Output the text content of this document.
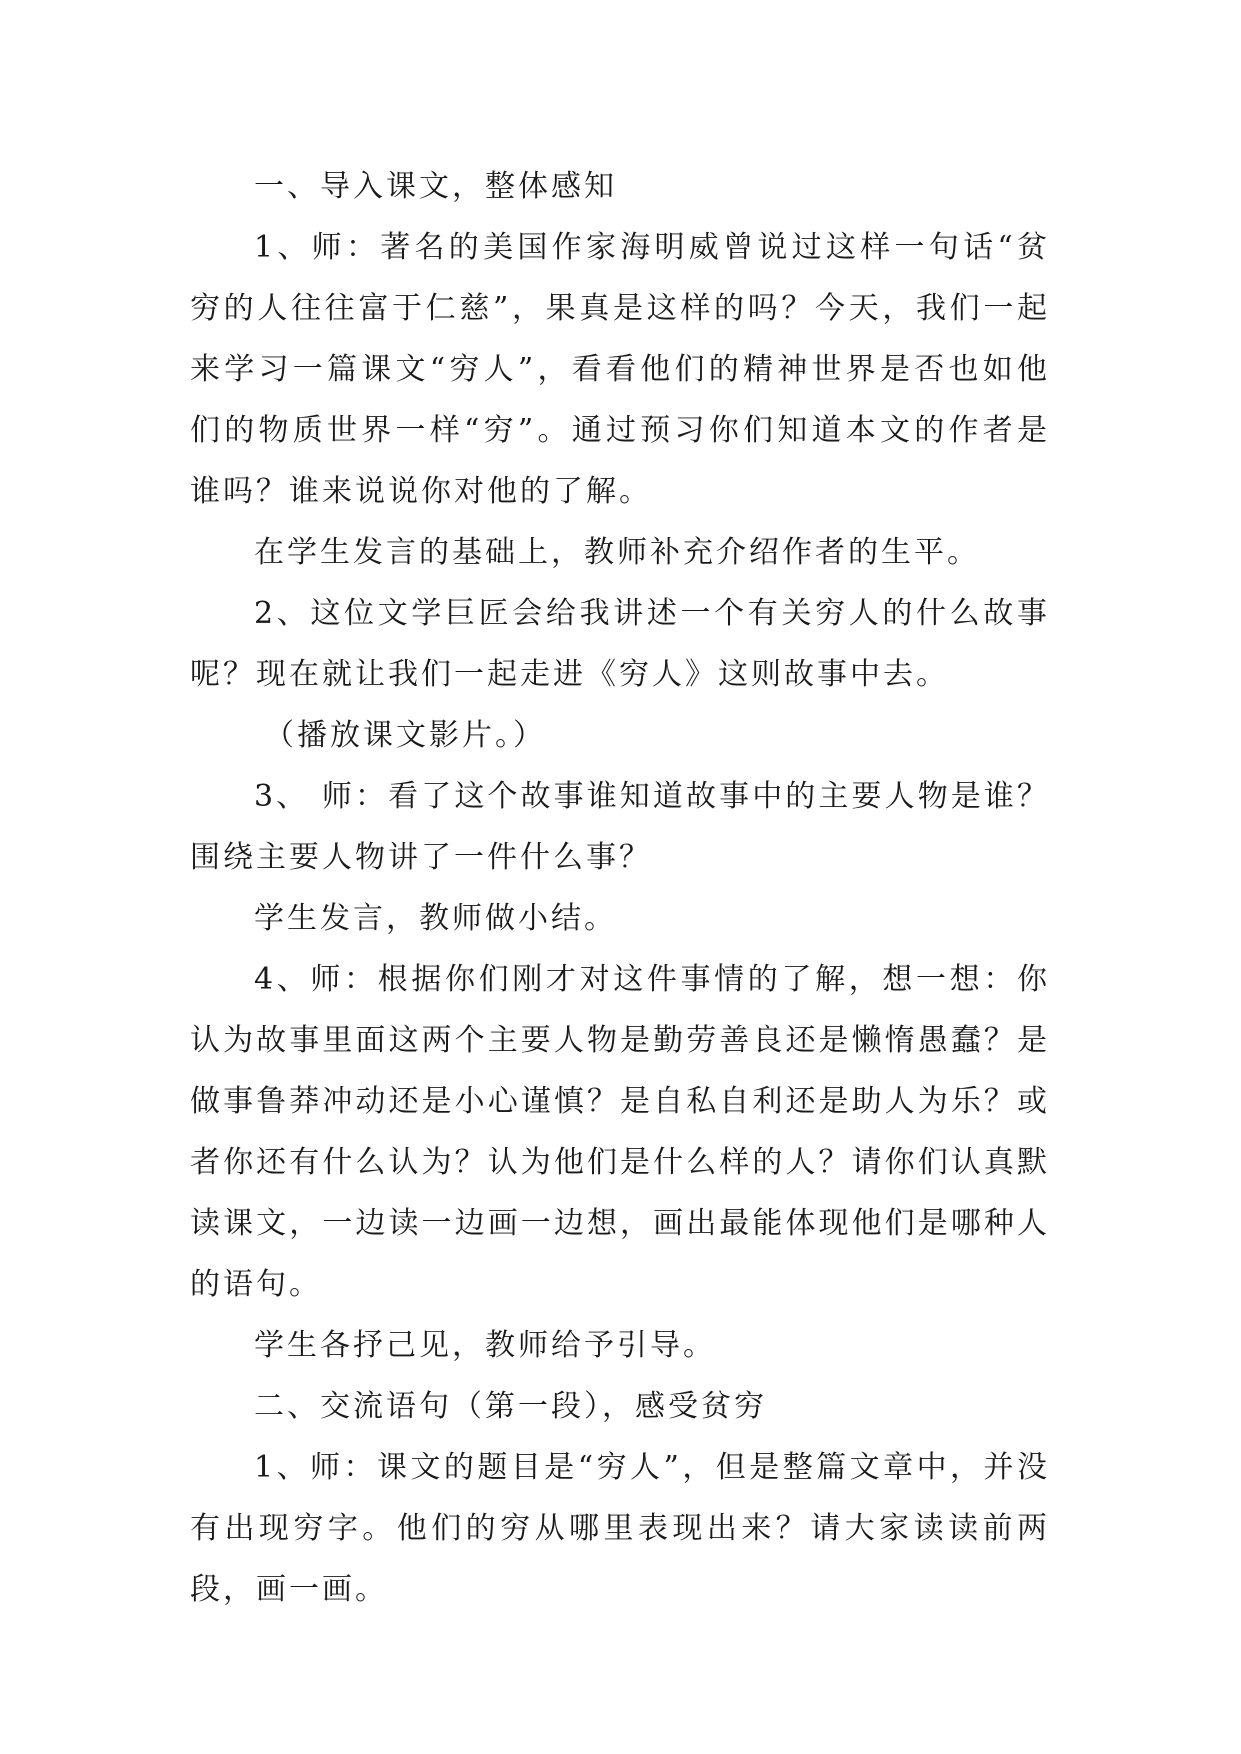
一、导入课文，整体感知

1、师：著名的美国作家海明威曾说过这样一句话“贫穷的人往往富于仁慈”，果真是这样的吗？今天，我们一起来学习一篇课文“穷人”，看看他们的精神世界是否也如他们的物质世界一样“穷”。通过预习你们知道本文的作者是谁吗？谁来说说你对他的了解。

在学生发言的基础上，教师补充介绍作者的生平。

2、这位文学巨匠会给我讲述一个有关穷人的什么故事呢？现在就让我们一起走进《穷人》这则故事中去。

（播放课文影片。）

3、 师：看了这个故事谁知道故事中的主要人物是谁？围绕主要人物讲了一件什么事？

学生发言，教师做小结。

4、师：根据你们刚才对这件事情的了解，想一想：你认为故事里面这两个主要人物是勤劳善良还是懒惰愚蠢？是做事鲁莽冲动还是小心谨慎？是自私自利还是助人为乐？或者你还有什么认为？认为他们是什么样的人？请你们认真默读课文，一边读一边画一边想，画出最能体现他们是哪种人的语句。

学生各抒己见，教师给予引导。

二、交流语句（第一段），感受贫穷

1、师：课文的题目是“穷人”，但是整篇文章中，并没有出现穷字。他们的穷从哪里表现出来？请大家读读前两段，画一画。
